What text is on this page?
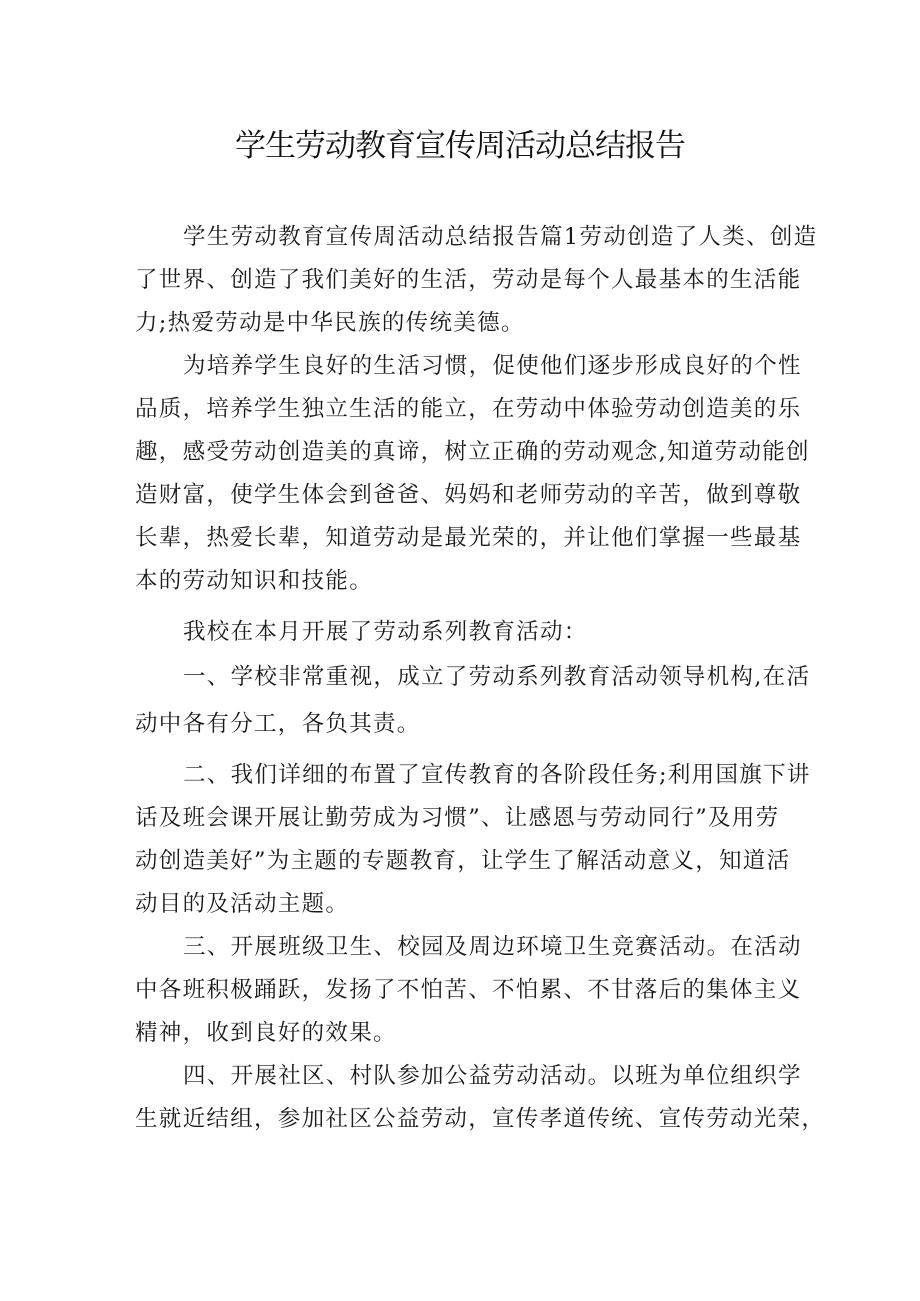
学生劳动教育宣传周活动总结报告
学生劳动教育宣传周活动总结报告篇1劳动创造了人类、创造
了世界、创造了我们美好的生活，劳动是每个人最基本的生活能
力;热爱劳动是中华民族的传统美德。
为培养学生良好的生活习惯，促使他们逐步形成良好的个性
品质，培养学生独立生活的能立，在劳动中体验劳动创造美的乐
趣，感受劳动创造美的真谛，树立正确的劳动观念,知道劳动能创
造财富，使学生体会到爸爸、妈妈和老师劳动的辛苦，做到尊敬
长辈，热爱长辈，知道劳动是最光荣的，并让他们掌握一些最基
本的劳动知识和技能。
我校在本月开展了劳动系列教育活动：
一、学校非常重视，成立了劳动系列教育活动领导机构,在活
动中各有分工，各负其责。
二、我们详细的布置了宣传教育的各阶段任务;利用国旗下讲
话及班会课开展让勤劳成为习惯”、让感恩与劳动同行”及用劳
动创造美好”为主题的专题教育，让学生了解活动意义，知道活
动目的及活动主题。
三、开展班级卫生、校园及周边环境卫生竞赛活动。在活动
中各班积极踊跃，发扬了不怕苦、不怕累、不甘落后的集体主义
精神，收到良好的效果。
四、开展社区、村队参加公益劳动活动。以班为单位组织学
生就近结组，参加社区公益劳动，宣传孝道传统、宣传劳动光荣，
